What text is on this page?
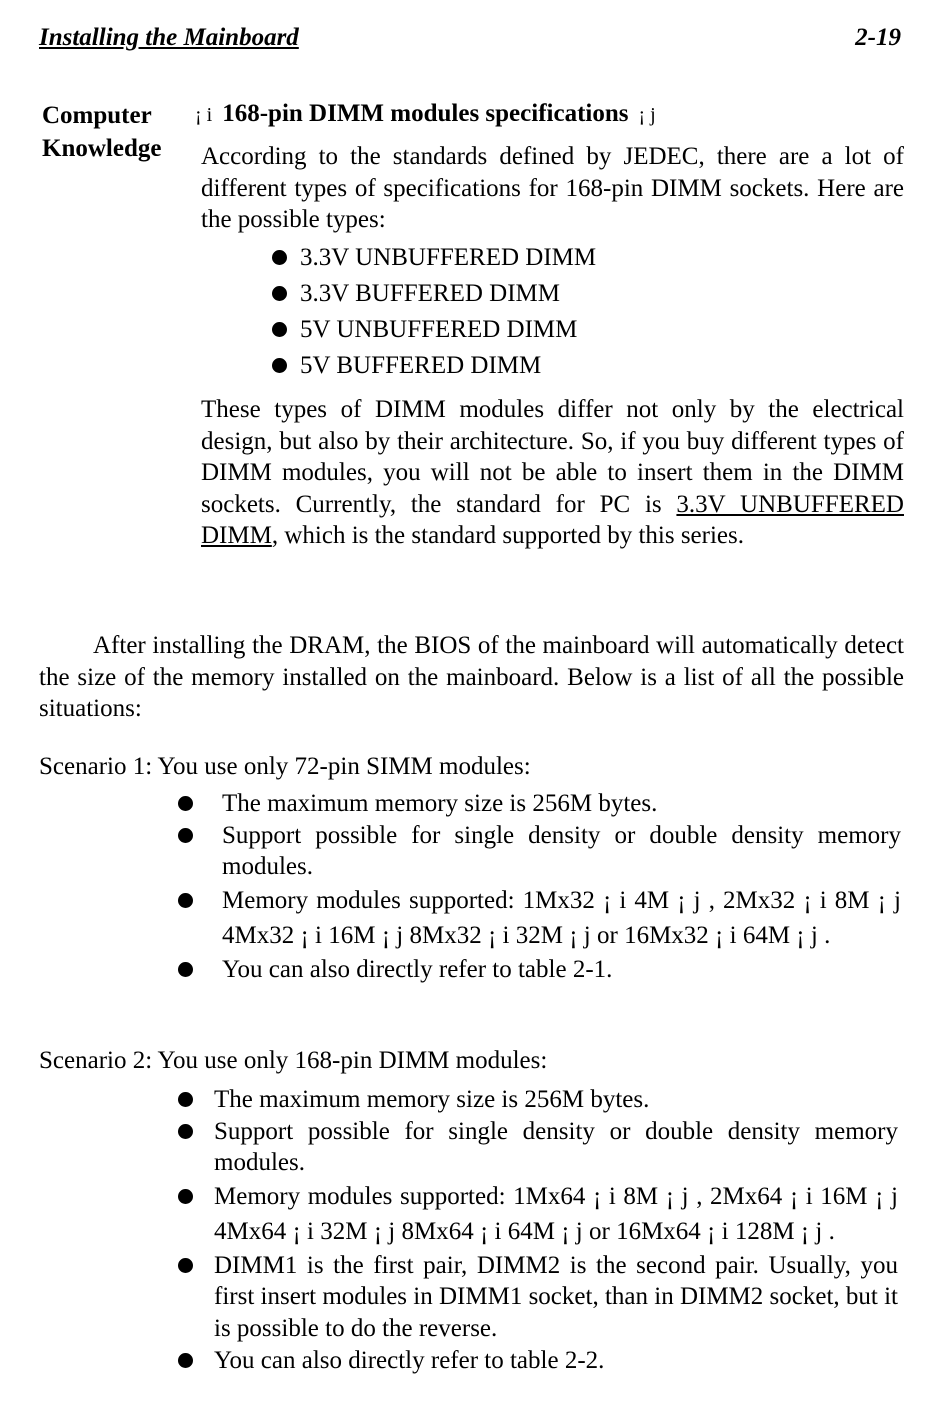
Installing the Mainboard	2-19
Computer
Knowledge
¡ i 168-pin DIMM modules specifications ¡ j
According to the standards defined by JEDEC, there are a lot of different types of specifications for 168-pin DIMM sockets. Here are the possible types:
3.3V UNBUFFERED DIMM
3.3V BUFFERED DIMM
5V UNBUFFERED DIMM
5V BUFFERED DIMM
These types of DIMM modules differ not only by the electrical design, but also by their architecture. So, if you buy different types of DIMM modules, you will not be able to insert them in the DIMM sockets. Currently, the standard for PC is 3.3V UNBUFFERED DIMM, which is the standard supported by this series.
After installing the DRAM, the BIOS of the mainboard will automatically detect the size of the memory installed on the mainboard. Below is a list of all the possible situations:
Scenario 1: You use only 72-pin SIMM modules:
The maximum memory size is 256M bytes.
Support possible for single density or double density memory modules.
Memory modules supported: 1Mx32 ¡ i 4M ¡ j , 2Mx32 ¡ i 8M ¡ j 4Mx32 ¡ i 16M ¡ j 8Mx32 ¡ i 32M ¡ j or 16Mx32 ¡ i 64M ¡ j .
You can also directly refer to table 2-1.
Scenario 2: You use only 168-pin DIMM modules:
The maximum memory size is 256M bytes.
Support possible for single density or double density memory modules.
Memory modules supported: 1Mx64 ¡ i 8M ¡ j , 2Mx64 ¡ i 16M ¡ j 4Mx64 ¡ i 32M ¡ j 8Mx64 ¡ i 64M ¡ j or 16Mx64 ¡ i 128M ¡ j .
DIMM1 is the first pair, DIMM2 is the second pair. Usually, you first insert modules in DIMM1 socket, than in DIMM2 socket, but it is possible to do the reverse.
You can also directly refer to table 2-2.
